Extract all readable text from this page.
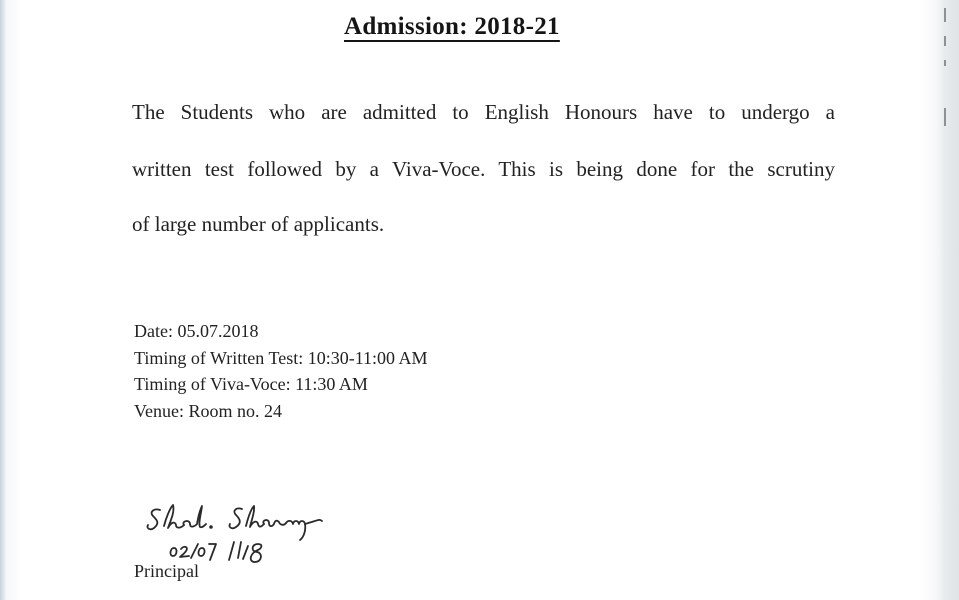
Admission: 2018-21
The Students who are admitted to English Honours have to undergo a
written test followed by a Viva-Voce. This is being done for the scrutiny
of large number of applicants.
Date: 05.07.2018
Timing of Written Test: 10:30-11:00 AM
Timing of Viva-Voce: 11:30 AM
Venue: Room no. 24
Principal
